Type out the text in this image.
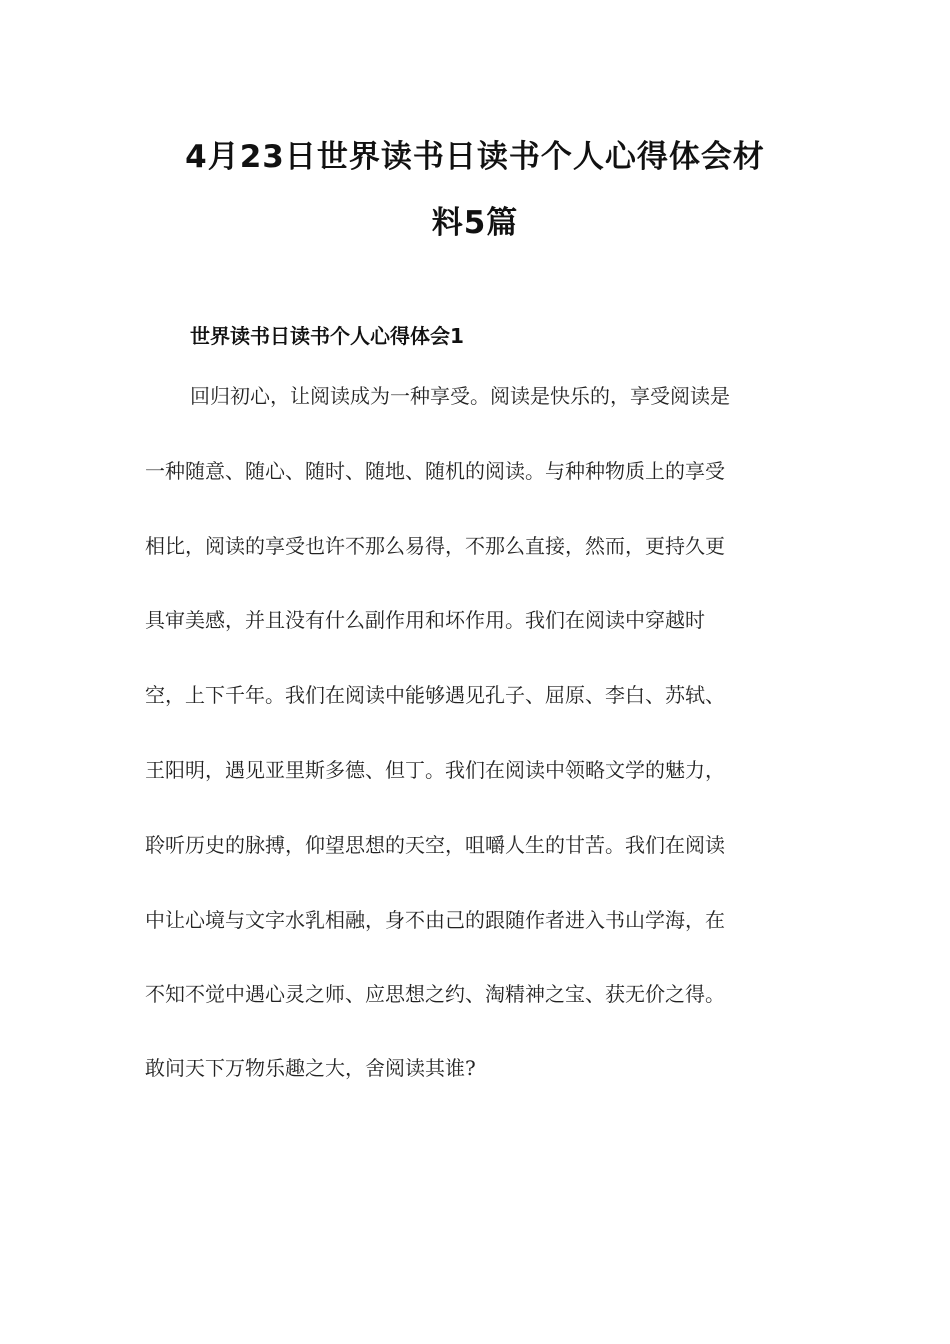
4月23日世界读书日读书个人心得体会材
料5篇
世界读书日读书个人心得体会1

回归初心，让阅读成为一种享受。阅读是快乐的，享受阅读是

一种随意、随心、随时、随地、随机的阅读。与种种物质上的享受

相比，阅读的享受也许不那么易得，不那么直接，然而，更持久更

具审美感，并且没有什么副作用和坏作用。我们在阅读中穿越时

空，上下千年。我们在阅读中能够遇见孔子、屈原、李白、苏轼、

王阳明，遇见亚里斯多德、但丁。我们在阅读中领略文学的魅力，

聆听历史的脉搏，仰望思想的天空，咀嚼人生的甘苦。我们在阅读

中让心境与文字水乳相融，身不由己的跟随作者进入书山学海，在

不知不觉中遇心灵之师、应思想之约、淘精神之宝、获无价之得。

敢问天下万物乐趣之大，舍阅读其谁?
